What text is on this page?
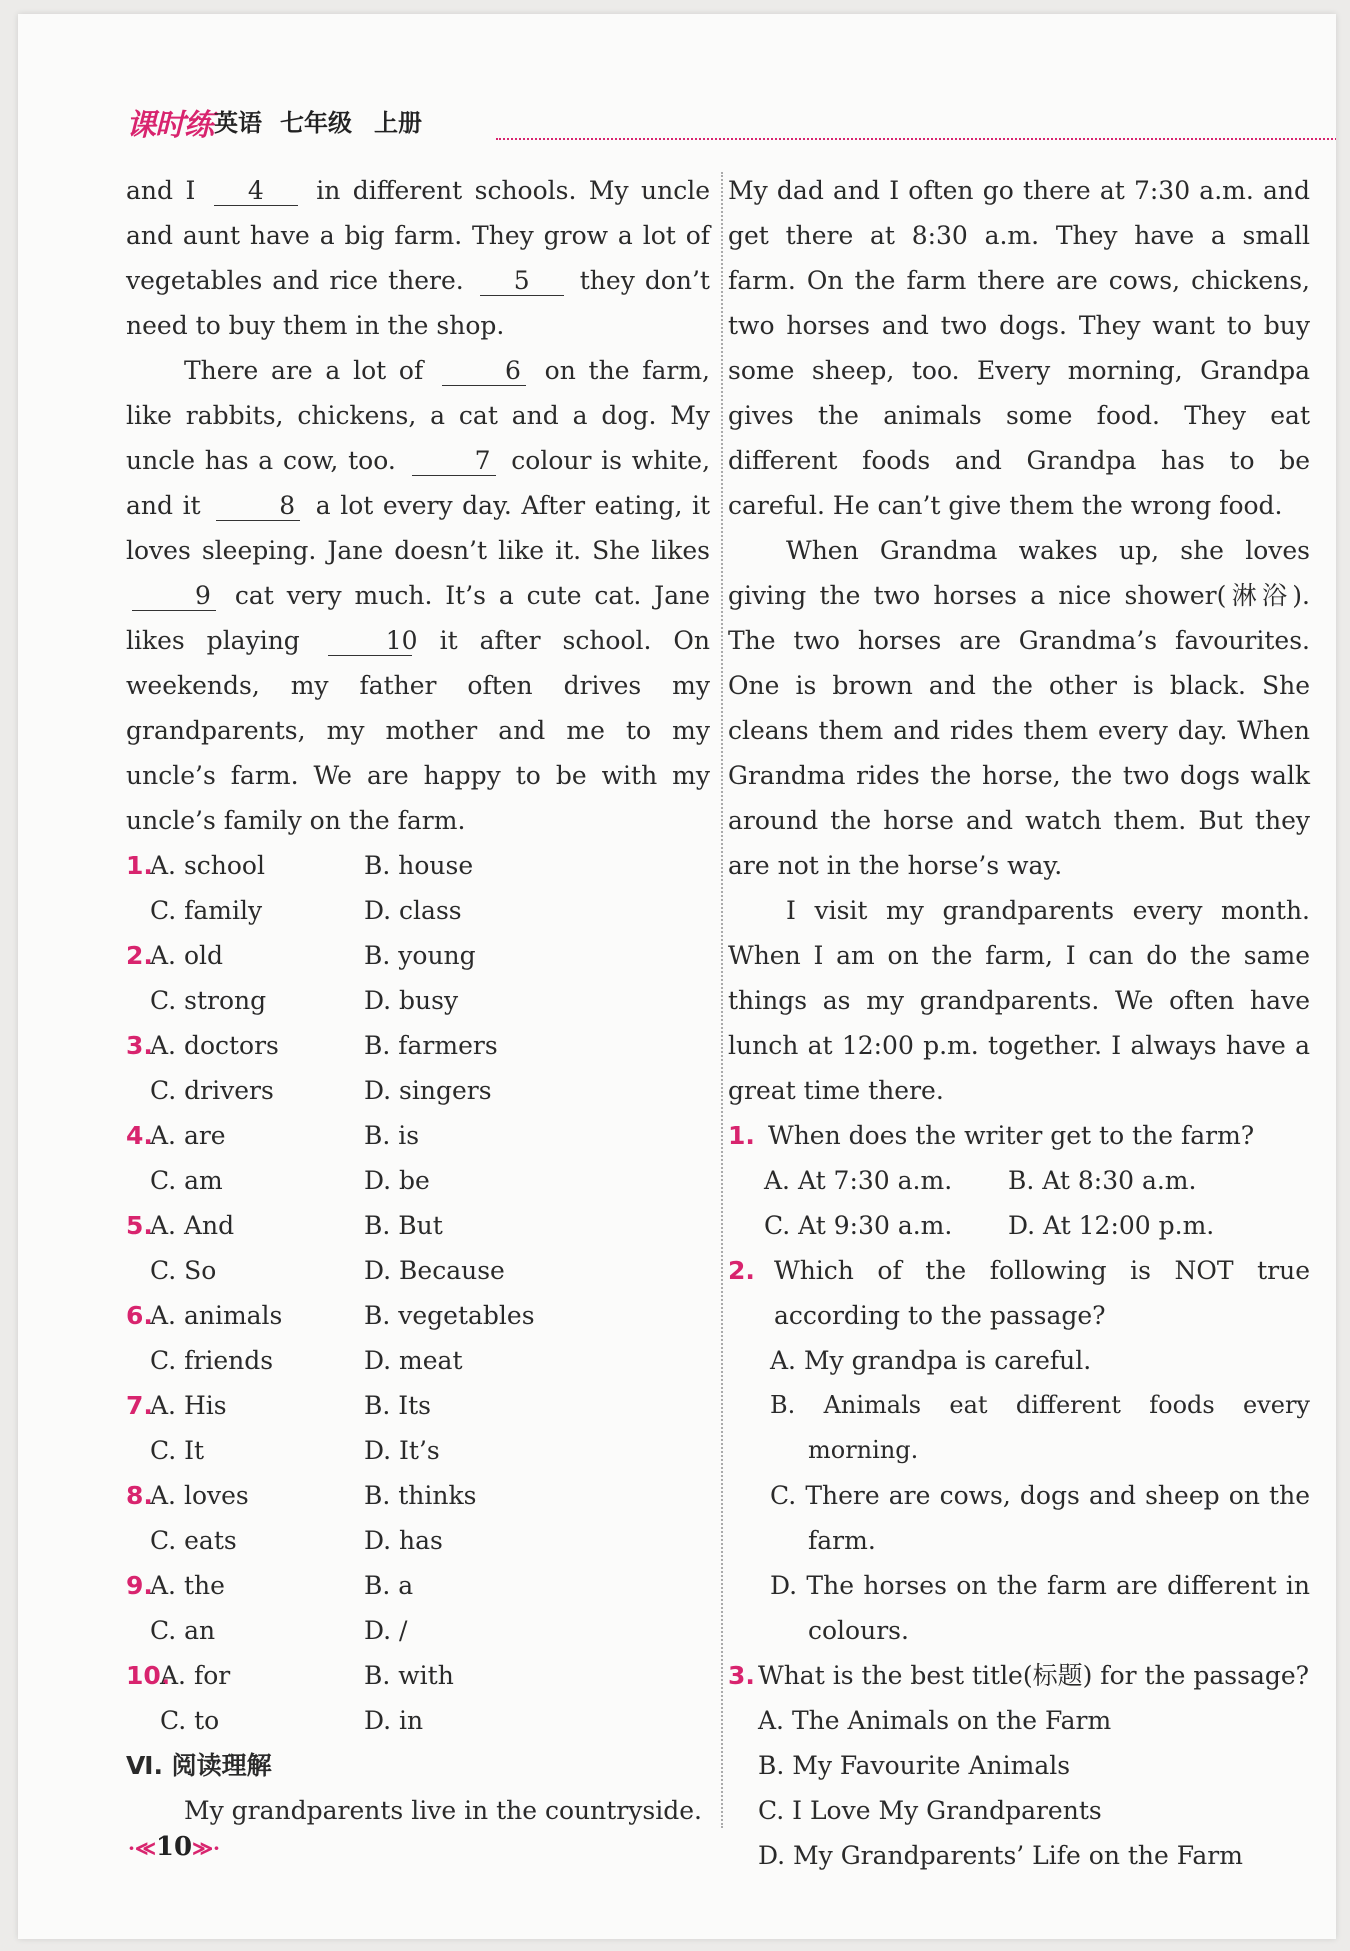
课时练 英语 七年级 上册

and I 4 in different schools. My uncle and aunt have a big farm. They grow a lot of vegetables and rice there. 5 they don’t need to buy them in the shop.

There are a lot of	6 on the farm, like rabbits, chickens, a cat and a dog. My uncle has a cow, too.	7 colour is white, and it	8 a lot every day. After eating, it loves sleeping. Jane doesn’t like it. She likes 9 cat very much. It’s a cute cat. Jane likes playing	10 it after school. On weekends, my father often drives my grandparents, my mother and me to my uncle’s farm. We are happy to be with my uncle’s family on the farm.

1.
A. school	B. house
C. family	D. class
2.
A. old	B. young
C. strong	D. busy
3.
A. doctors	B. farmers
C. drivers	D. singers
4.
A. are	B. is
C. am	D. be
5.
A. And	B. But
C. So	D. Because
6.
A. animals	B. vegetables
C. friends	D. meat
7.
A. His	B. Its
C. It	D. It’s
8.
A. loves	B. thinks
C. eats	D. has
9.
A. the	B. a
C. an	D. /
10.
A. for	B. with
C. to	D. in
Ⅵ. 阅读理解

My grandparents live in the countryside.

My dad and I often go there at 7:30 a.m. and get there at 8:30 a.m. They have a small farm. On the farm there are cows, chickens, two horses and two dogs. They want to buy some sheep, too. Every morning, Grandpa gives the animals some food. They eat different foods and Grandpa has to be careful. He can’t give them the wrong food.

When Grandma wakes up, she loves giving the two horses a nice shower(淋浴). The two horses are Grandma’s favourites. One is brown and the other is black. She cleans them and rides them every day. When Grandma rides the horse, the two dogs walk around the horse and watch them. But they are not in the horse’s way.

I visit my grandparents every month. When I am on the farm, I can do the same things as my grandparents. We often have lunch at 12:00 p.m. together. I always have a great time there.

1. When does the writer get to the farm?
A. At 7:30 a.m. B. At 8:30 a.m.
C. At 9:30 a.m. D. At 12:00 p.m.
2. Which of the following is NOT true according to the passage?

A. My grandpa is careful.

B. Animals eat different foods every morning.

C. There are cows, dogs and sheep on the farm.

D. The horses on the farm are different in colours.

3. What is the best title(标题) for the passage?
A. The Animals on the Farm
B. My Favourite Animals
C. I Love My Grandparents
D. My Grandparents’ Life on the Farm
·≪10≫·
